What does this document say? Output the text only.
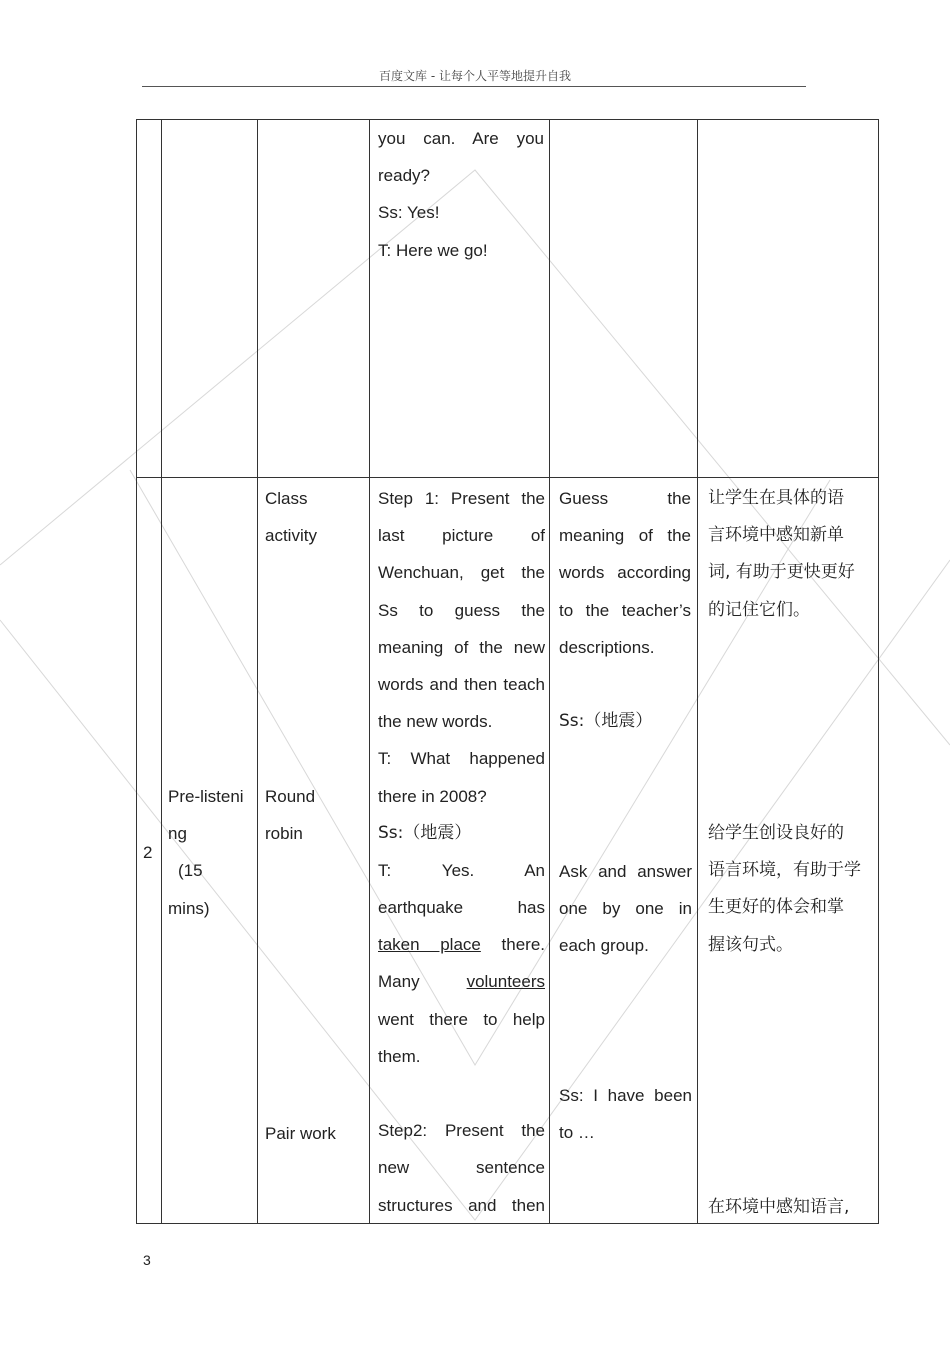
百度文库 - 让每个人平等地提升自我
you can. Are you
ready?
Ss: Yes!
T: Here we go!
2
Pre-listeni
ng
(15
mins)
Class
activity
Round
robin
Pair work
Step 1: Present the
last picture of
Wenchuan, get the
Ss to guess the
meaning of the new
words and then teach
the new words.
T: What happened
there in 2008?
Ss:（地震）
T: Yes. An
earthquake has
taken place there.
Many volunteers
went there to help
them.
Step2: Present the
new sentence
structures and then
Guess the
meaning of the
words according
to the teacher’s
descriptions.
Ss:（地震）
Ask and answer
one by one in
each group.
Ss: I have been
to …
让学生在具体的语
言环境中感知新单
词, 有助于更快更好
的记住它们。
给学生创设良好的
语言环境，有助于学
生更好的体会和掌
握该句式。
在环境中感知语言,
3
